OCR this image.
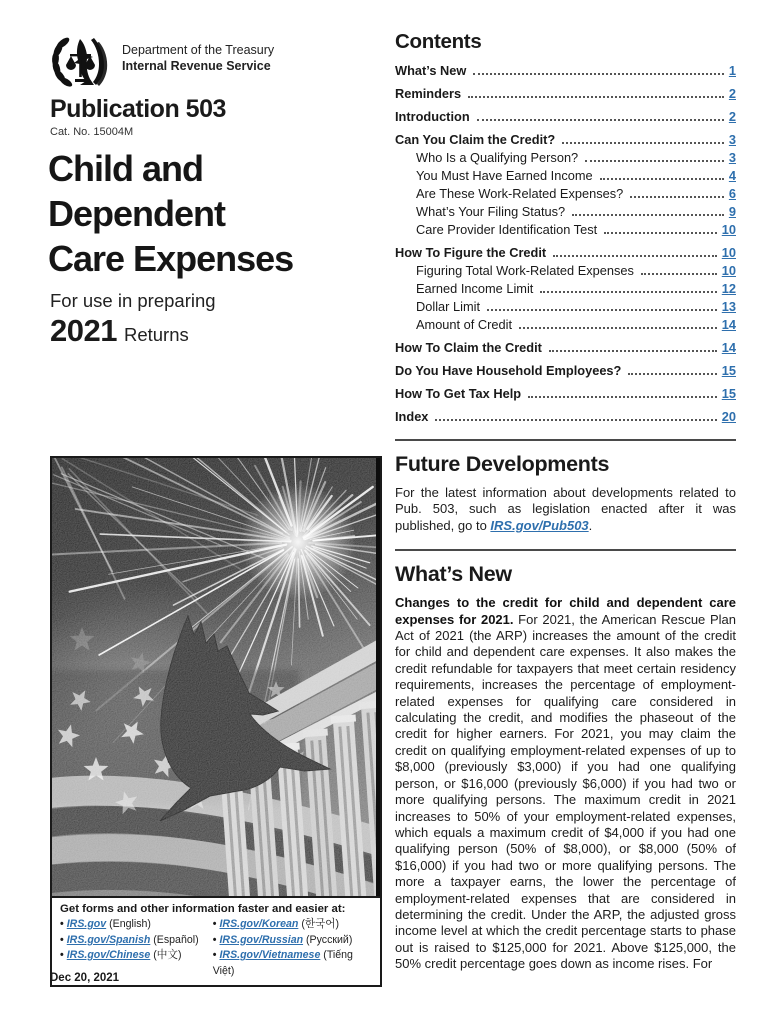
Department of the Treasury
Internal Revenue Service
Publication 503
Cat. No. 15004M
Child and
Dependent
Care Expenses
For use in preparing
2021 Returns
Get forms and other information faster and easier at:
• IRS.gov (English)
• IRS.gov/Spanish (Español)
• IRS.gov/Chinese (中文)
• IRS.gov/Korean (한국어)
• IRS.gov/Russian (Русский)
• IRS.gov/Vietnamese (Tiếng Việt)
Dec 20, 2021
Contents
What’s New	1
Reminders	2
Introduction	2
Can You Claim the Credit?	3
Who Is a Qualifying Person?	3
You Must Have Earned Income	4
Are These Work-Related Expenses?	6
What’s Your Filing Status?	9
Care Provider Identification Test	10
How To Figure the Credit	10
Figuring Total Work-Related Expenses	10
Earned Income Limit	12
Dollar Limit	13
Amount of Credit	14
How To Claim the Credit	14
Do You Have Household Employees?	15
How To Get Tax Help	15
Index	20
Future Developments

For the latest information about developments related to Pub. 503, such as legislation enacted after it was published, go to IRS.gov/Pub503.

What’s New

Changes to the credit for child and dependent care expenses for 2021. For 2021, the American Rescue Plan Act of 2021 (the ARP) increases the amount of the credit for child and dependent care expenses. It also makes the credit refundable for taxpayers that meet certain residency requirements, increases the percentage of employment-related expenses for qualifying care considered in calculating the credit, and modifies the phaseout of the credit for higher earners. For 2021, you may claim the credit on qualifying employment-related expenses of up to $8,000 (previously $3,000) if you had one qualifying person, or $16,000 (previously $6,000) if you had two or more qualifying persons. The maximum credit in 2021 increases to 50% of your employment-related expenses, which equals a maximum credit of $4,000 if you had one qualifying person (50% of $8,000), or $8,000 (50% of $16,000) if you had two or more qualifying persons. The more a taxpayer earns, the lower the percentage of employment-related expenses that are considered in determining the credit. Under the ARP, the adjusted gross income level at which the credit percentage starts to phase out is raised to $125,000 for 2021. Above $125,000, the 50% credit percentage goes down as income rises. For
